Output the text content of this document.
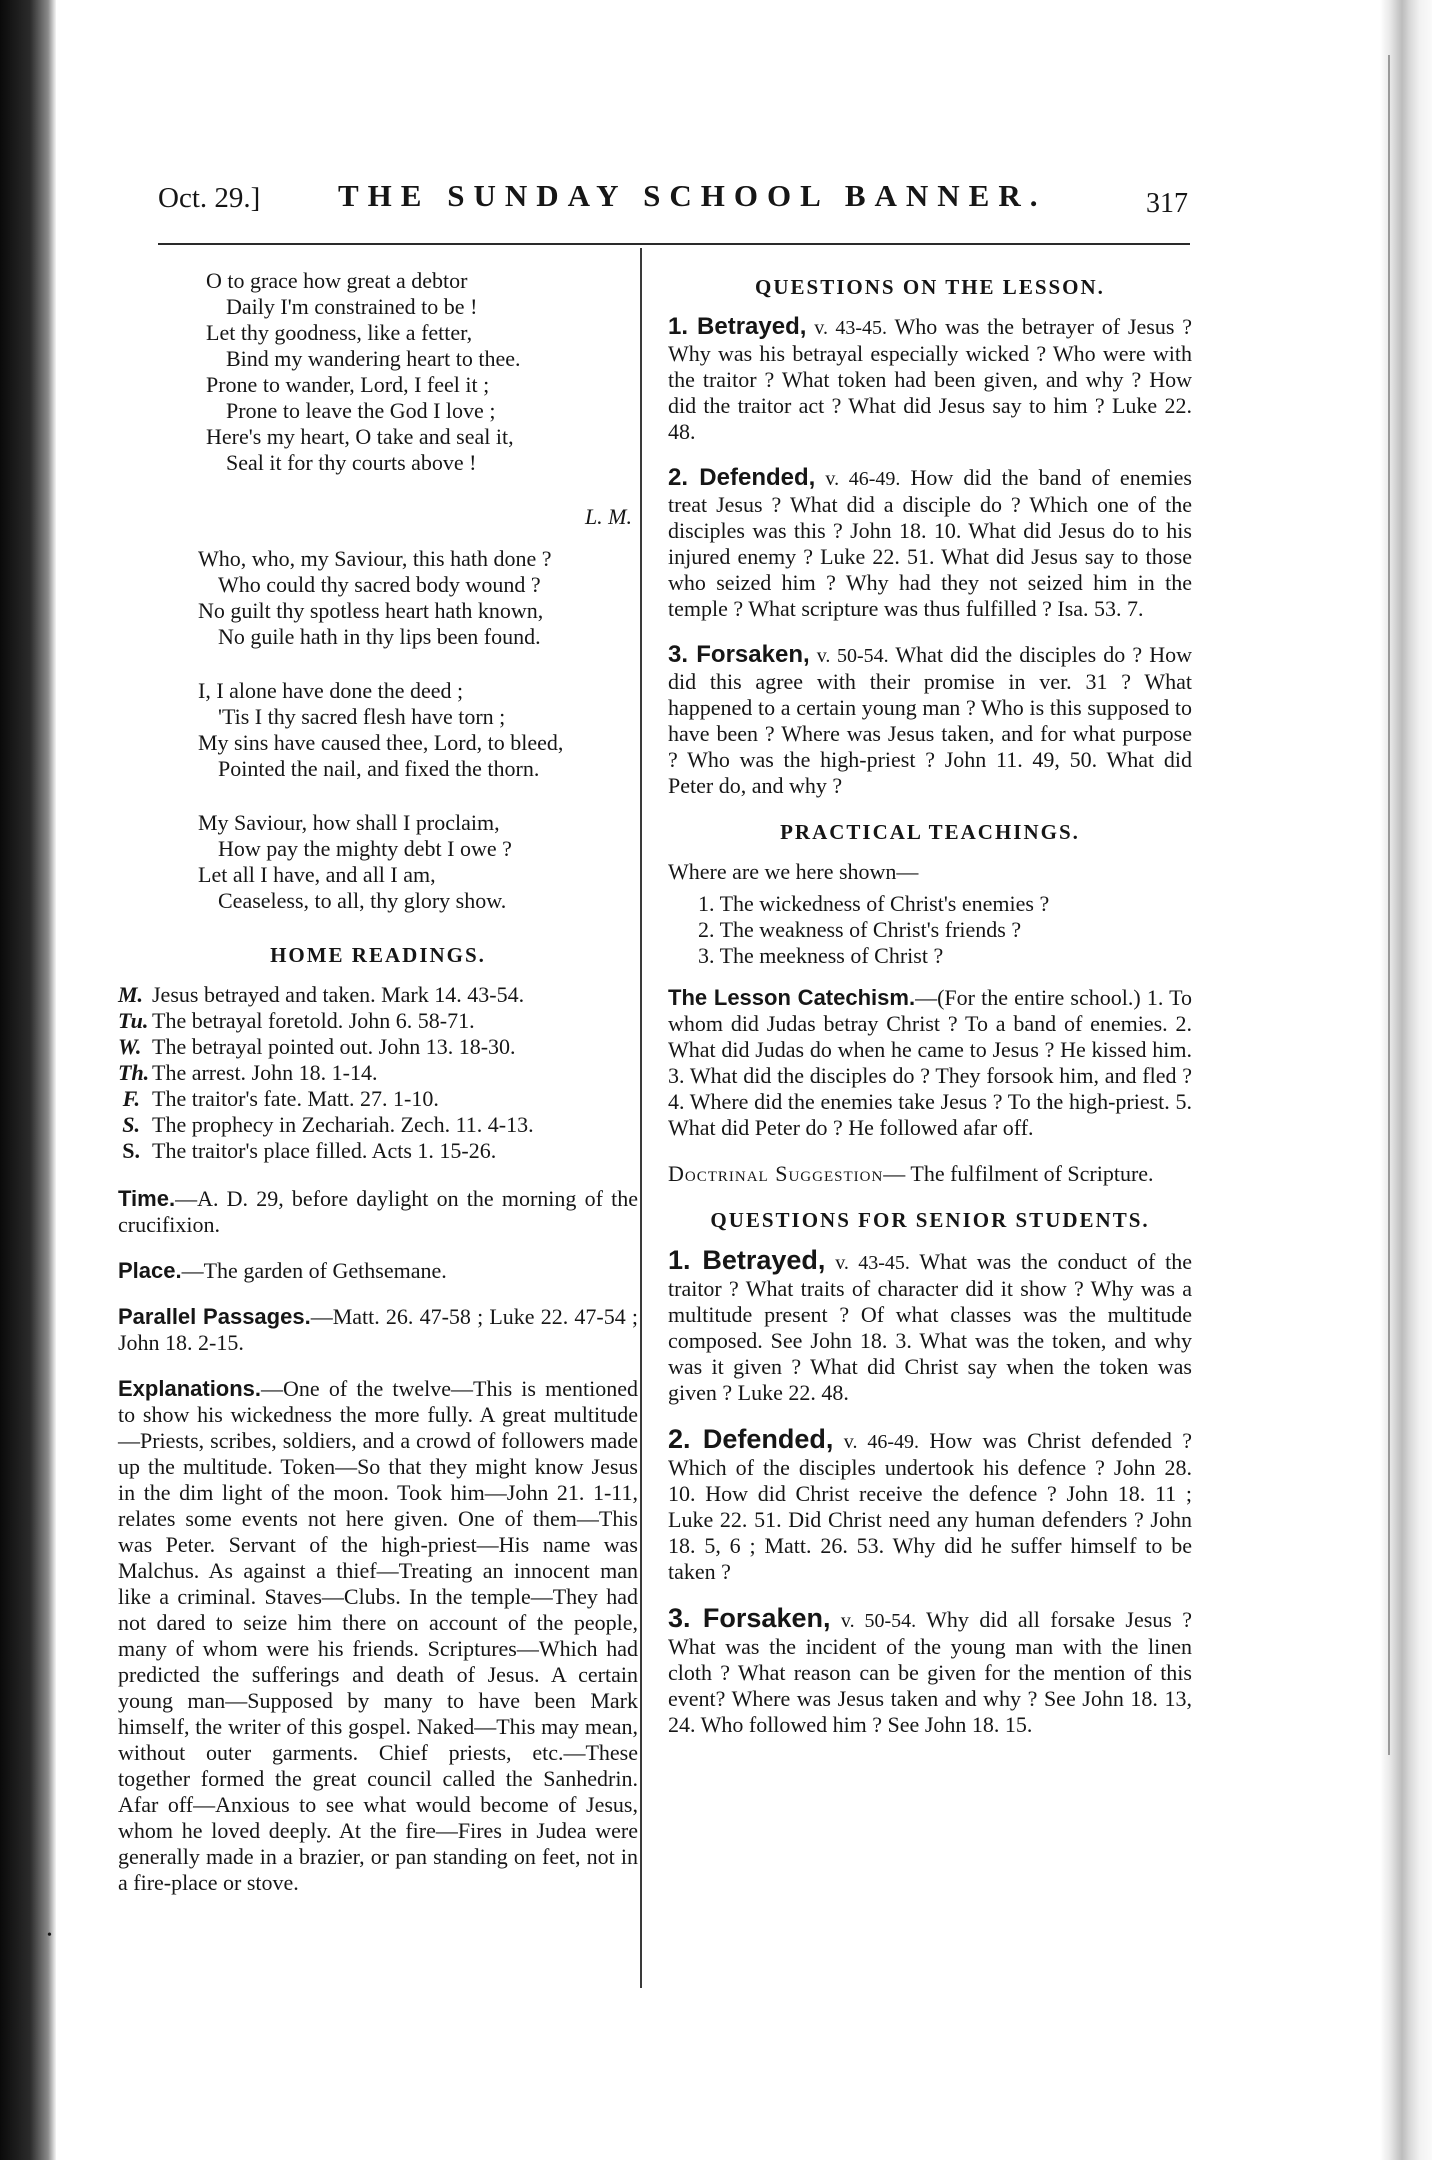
Oct. 29.]	THE SUNDAY SCHOOL BANNER.	317
O to grace how great a debtor
Daily I'm constrained to be !
Let thy goodness, like a fetter,
Bind my wandering heart to thee.
Prone to wander, Lord, I feel it ;
Prone to leave the God I love ;
Here's my heart, O take and seal it,
Seal it for thy courts above !
L. M.
Who, who, my Saviour, this hath done ?
Who could thy sacred body wound ?
No guilt thy spotless heart hath known,
No guile hath in thy lips been found.
I, I alone have done the deed ;
'Tis I thy sacred flesh have torn ;
My sins have caused thee, Lord, to bleed,
Pointed the nail, and fixed the thorn.
My Saviour, how shall I proclaim,
How pay the mighty debt I owe ?
Let all I have, and all I am,
Ceaseless, to all, thy glory show.
HOME READINGS.
M. Jesus betrayed and taken. Mark 14. 43-54.
Tu. The betrayal foretold. John 6. 58-71.
W. The betrayal pointed out. John 13. 18-30.
Th. The arrest. John 18. 1-14.
F. The traitor's fate. Matt. 27. 1-10.
S. The prophecy in Zechariah. Zech. 11. 4-13.
S. The traitor's place filled. Acts 1. 15-26.
Time.—A. D. 29, before daylight on the morning of the crucifixion.
Place.—The garden of Gethsemane.
Parallel Passages.—Matt. 26. 47-58 ; Luke 22. 47-54 ; John 18. 2-15.
Explanations.—One of the twelve—This is mentioned to show his wickedness the more fully. A great multitude—Priests, scribes, soldiers, and a crowd of followers made up the multitude. Token—So that they might know Jesus in the dim light of the moon. Took him—John 21. 1-11, relates some events not here given. One of them—This was Peter. Servant of the high-priest—His name was Malchus. As against a thief—Treating an innocent man like a criminal. Staves—Clubs. In the temple—They had not dared to seize him there on account of the people, many of whom were his friends. Scriptures—Which had predicted the sufferings and death of Jesus. A certain young man—Supposed by many to have been Mark himself, the writer of this gospel. Naked—This may mean, without outer garments. Chief priests, etc.—These together formed the great council called the Sanhedrin. Afar off—Anxious to see what would become of Jesus, whom he loved deeply. At the fire—Fires in Judea were generally made in a brazier, or pan standing on feet, not in a fire-place or stove.
QUESTIONS ON THE LESSON.
1. Betrayed, v. 43-45. Who was the betrayer of Jesus ? Why was his betrayal especially wicked ? Who were with the traitor ? What token had been given, and why ? How did the traitor act ? What did Jesus say to him ? Luke 22. 48.
2. Defended, v. 46-49. How did the band of enemies treat Jesus ? What did a disciple do ? Which one of the disciples was this ? John 18. 10. What did Jesus do to his injured enemy ? Luke 22. 51. What did Jesus say to those who seized him ? Why had they not seized him in the temple ? What scripture was thus fulfilled ? Isa. 53. 7.
3. Forsaken, v. 50-54. What did the disciples do ? How did this agree with their promise in ver. 31 ? What happened to a certain young man ? Who is this supposed to have been ? Where was Jesus taken, and for what purpose ? Who was the high-priest ? John 11. 49, 50. What did Peter do, and why ?
PRACTICAL TEACHINGS.
Where are we here shown—
1. The wickedness of Christ's enemies ?
2. The weakness of Christ's friends ?
3. The meekness of Christ ?
The Lesson Catechism.—(For the entire school.) 1. To whom did Judas betray Christ ? To a band of enemies. 2. What did Judas do when he came to Jesus ? He kissed him. 3. What did the disciples do ? They forsook him, and fled ? 4. Where did the enemies take Jesus ? To the high-priest. 5. What did Peter do ? He followed afar off.
Doctrinal Suggestion— The fulfilment of Scripture.
QUESTIONS FOR SENIOR STUDENTS.
1. Betrayed, v. 43-45. What was the conduct of the traitor ? What traits of character did it show ? Why was a multitude present ? Of what classes was the multitude composed. See John 18. 3. What was the token, and why was it given ? What did Christ say when the token was given ? Luke 22. 48.
2. Defended, v. 46-49. How was Christ defended ? Which of the disciples undertook his defence ? John 28. 10. How did Christ receive the defence ? John 18. 11 ; Luke 22. 51. Did Christ need any human defenders ? John 18. 5, 6 ; Matt. 26. 53. Why did he suffer himself to be taken ?
3. Forsaken, v. 50-54. Why did all forsake Jesus ? What was the incident of the young man with the linen cloth ? What reason can be given for the mention of this event? Where was Jesus taken and why ? See John 18. 13, 24. Who followed him ? See John 18. 15.
•
